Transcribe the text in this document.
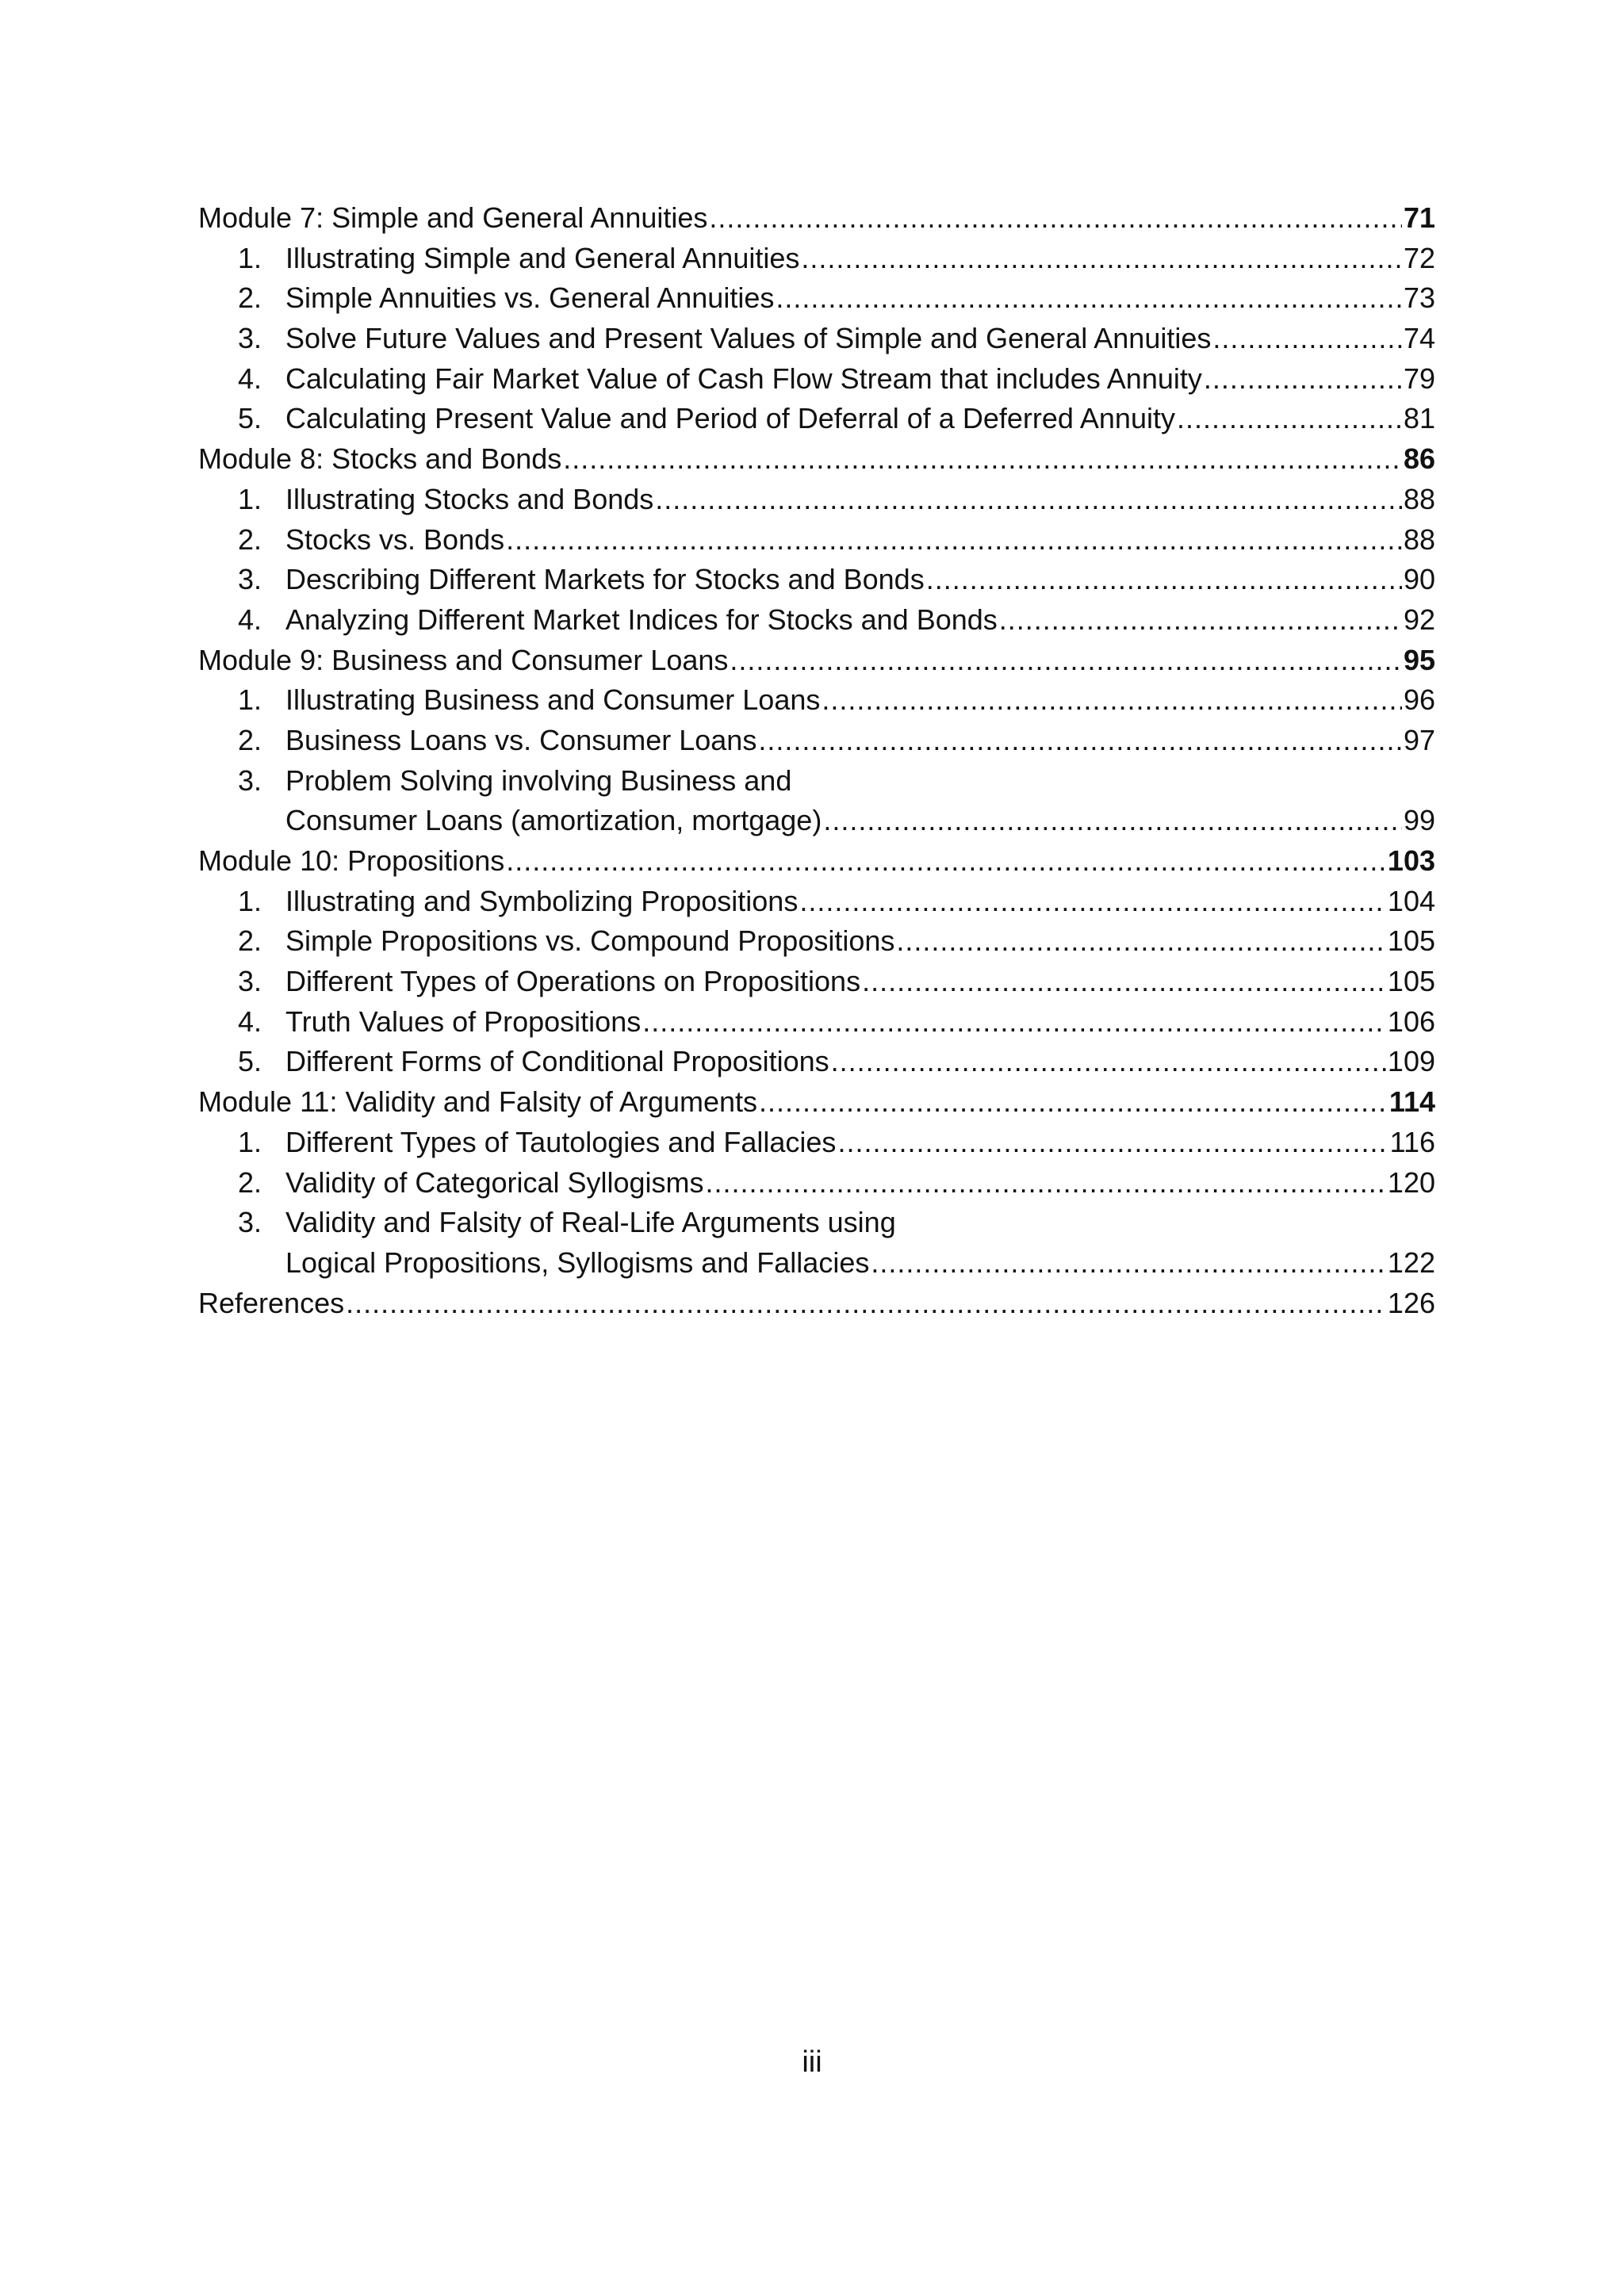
Module 7: Simple and General Annuities .....	71
1. Illustrating Simple and General Annuities .....	72
2. Simple Annuities vs. General Annuities .....	73
3. Solve Future Values and Present Values of Simple and General Annuities .....	74
4. Calculating Fair Market Value of Cash Flow Stream that includes Annuity .....	79
5. Calculating Present Value and Period of Deferral of a Deferred Annuity .....	81
Module 8: Stocks and Bonds .....	86
1. Illustrating Stocks and Bonds .....	88
2. Stocks vs. Bonds .....	88
3. Describing Different Markets for Stocks and Bonds .....	90
4. Analyzing Different Market Indices for Stocks and Bonds .....	92
Module 9: Business and Consumer Loans .....	95
1. Illustrating Business and Consumer Loans .....	96
2. Business Loans vs. Consumer Loans .....	97
3. Problem Solving involving Business and
Consumer Loans (amortization, mortgage) .....	99
Module 10: Propositions .....	103
1. Illustrating and Symbolizing Propositions .....	104
2. Simple Propositions vs. Compound Propositions .....	105
3. Different Types of Operations on Propositions .....	105
4. Truth Values of Propositions .....	106
5. Different Forms of Conditional Propositions .....	109
Module 11: Validity and Falsity of Arguments .....	114
1. Different Types of Tautologies and Fallacies .....	116
2. Validity of Categorical Syllogisms .....	120
3. Validity and Falsity of Real-Life Arguments using
Logical Propositions, Syllogisms and Fallacies .....	122
References .....	126
iii
